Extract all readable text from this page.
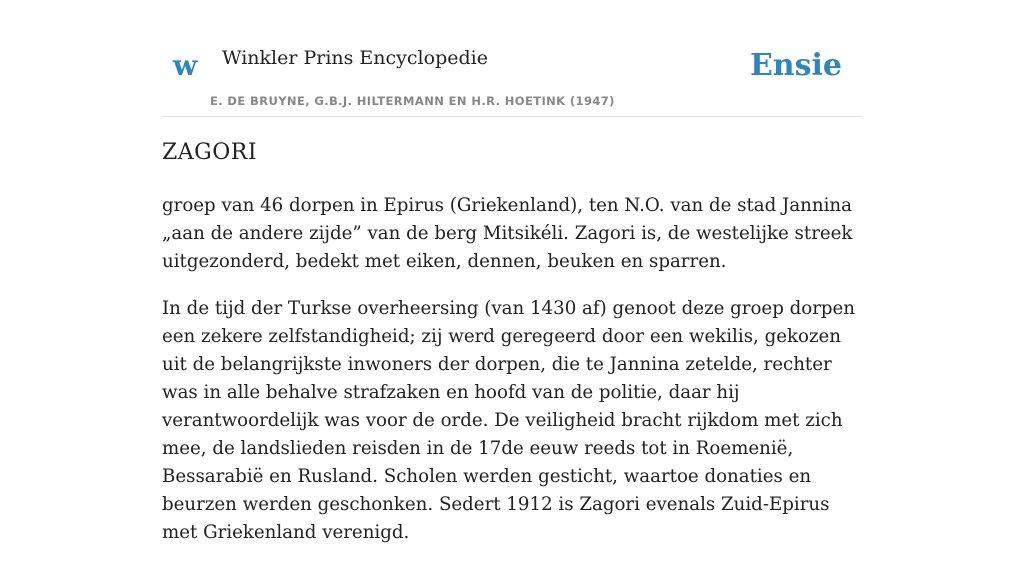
w Winkler Prins Encyclopedie
E. DE BRUYNE, G.B.J. HILTERMANN EN H.R. HOETINK (1947)
Ensie
ZAGORI

groep van 46 dorpen in Epirus (Griekenland), ten N.O. van de stad Jannina „aan de andere zijde” van de berg Mitsikéli. Zagori is, de westelijke streek uitgezonderd, bedekt met eiken, dennen, beuken en sparren.

In de tijd der Turkse overheersing (van 1430 af) genoot deze groep dorpen een zekere zelfstandigheid; zij werd geregeerd door een wekilis, gekozen uit de belangrijkste inwoners der dorpen, die te Jannina zetelde, rechter was in alle behalve strafzaken en hoofd van de politie, daar hij verantwoordelijk was voor de orde. De veiligheid bracht rijkdom met zich mee, de landslieden reisden in de 17de eeuw reeds tot in Roemenië, Bessarabië en Rusland. Scholen werden gesticht, waartoe donaties en beurzen werden geschonken. Sedert 1912 is Zagori evenals Zuid-Epirus met Griekenland verenigd.
